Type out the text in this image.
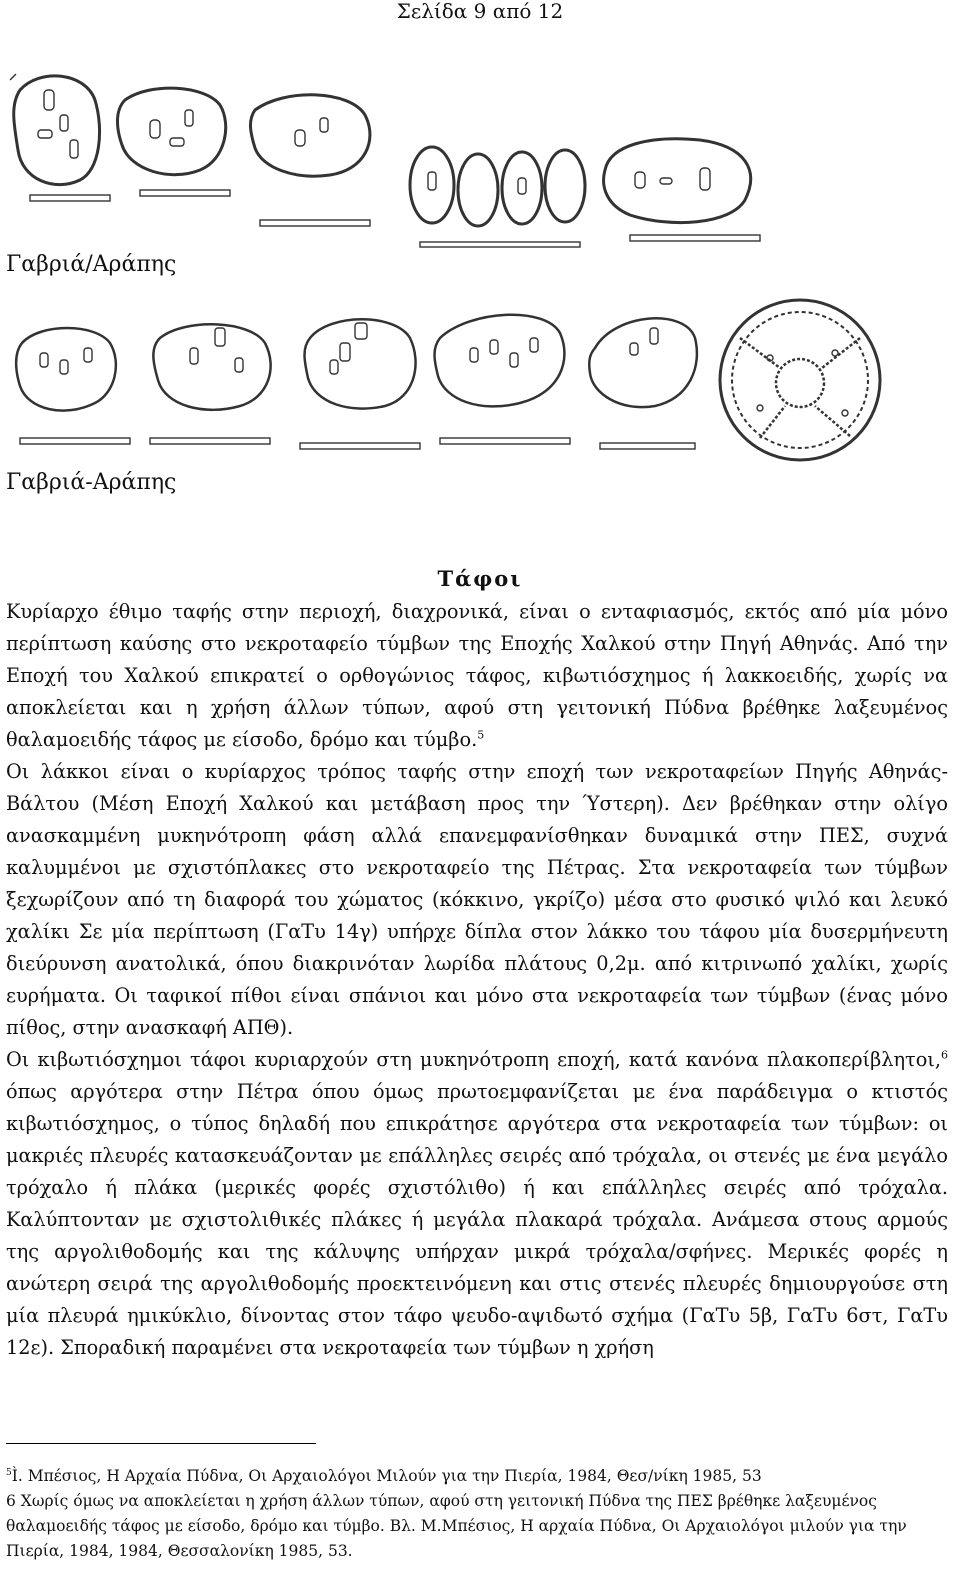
Σελίδα 9 από 12
Γαβριά/Αράπης
Γαβριά-Αράπης
Τάφοι

Κυρίαρχο έθιμο ταφής στην περιοχή, διαχρονικά, είναι ο ενταφιασμός, εκτός από μία μόνο περίπτωση καύσης στο νεκροταφείο τύμβων της Εποχής Χαλκού στην Πηγή Αθηνάς. Από την Εποχή του Χαλκού επικρατεί ο ορθογώνιος τάφος, κιβωτιόσχημος ή λακκοειδής, χωρίς να αποκλείεται και η χρήση άλλων τύπων, αφού στη γειτονική Πύδνα βρέθηκε λαξευμένος θαλαμοειδής τάφος με είσοδο, δρόμο και τύμβο.$^5$

Οι λάκκοι είναι ο κυρίαρχος τρόπος ταφής στην εποχή των νεκροταφείων Πηγής Αθηνάς-Βάλτου (Μέση Εποχή Χαλκού και μετάβαση προς την Ύστερη). Δεν βρέθηκαν στην ολίγο ανασκαμμένη μυκηνότροπη φάση αλλά επανεμφανίσθηκαν δυναμικά στην ΠΕΣ, συχνά καλυμμένοι με σχιστόπλακες στο νεκροταφείο της Πέτρας. Στα νεκροταφεία των τύμβων ξεχωρίζουν από τη διαφορά του χώματος (κόκκινο, γκρίζο) μέσα στο φυσικό ψιλό και λευκό χαλίκι Σε μία περίπτωση (ΓαΤυ 14γ) υπήρχε δίπλα στον λάκκο του τάφου μία δυσερμήνευτη διεύρυνση ανατολικά, όπου διακρινόταν λωρίδα πλάτους 0,2μ. από κιτρινωπό χαλίκι, χωρίς ευρήματα. Οι ταφικοί πίθοι είναι σπάνιοι και μόνο στα νεκροταφεία των τύμβων (ένας μόνο πίθος, στην ανασκαφή ΑΠΘ).

Οι κιβωτιόσχημοι τάφοι κυριαρχούν στη μυκηνότροπη εποχή, κατά κανόνα πλακοπερίβλητοι,$^6$ όπως αργότερα στην Πέτρα όπου όμως πρωτοεμφανίζεται με ένα παράδειγμα ο κτιστός κιβωτιόσχημος, ο τύπος δηλαδή που επικράτησε αργότερα στα νεκροταφεία των τύμβων: οι μακριές πλευρές κατασκευάζονταν με επάλληλες σειρές από τρόχαλα, οι στενές με ένα μεγάλο τρόχαλο ή πλάκα (μερικές φορές σχιστόλιθο) ή και επάλληλες σειρές από τρόχαλα. Καλύπτονταν με σχιστολιθικές πλάκες ή μεγάλα πλακαρά τρόχαλα. Ανάμεσα στους αρμούς της αργολιθοδομής και της κάλυψης υπήρχαν μικρά τρόχαλα/σφήνες. Μερικές φορές η ανώτερη σειρά της αργολιθοδομής προεκτεινόμενη και στις στενές πλευρές δημιουργούσε στη μία πλευρά ημικύκλιο, δίνοντας στον τάφο ψευδο-αψιδωτό σχήμα (ΓαΤυ 5β, ΓαΤυ 6στ, ΓαΤυ 12ε). Σποραδική παραμένει στα νεκροταφεία των τύμβων η χρήση

$^5$Ì. Μπέσιος, Η Αρχαία Πύδνα, Οι Αρχαιολόγοι Μιλούν για την Πιερία, 1984, Θεσ/νίκη 1985, 53

6 Χωρίς όμως να αποκλείεται η χρήση άλλων τύπων, αφού στη γειτονική Πύδνα της ΠΕΣ βρέθηκε λαξευμένος θαλαμοειδής τάφος με είσοδο, δρόμο και τύμβο. Βλ. Μ.Μπέσιος, Η αρχαία Πύδνα, Οι Αρχαιολόγοι μιλούν για την Πιερία, 1984, 1984, Θεσσαλονίκη 1985, 53.
